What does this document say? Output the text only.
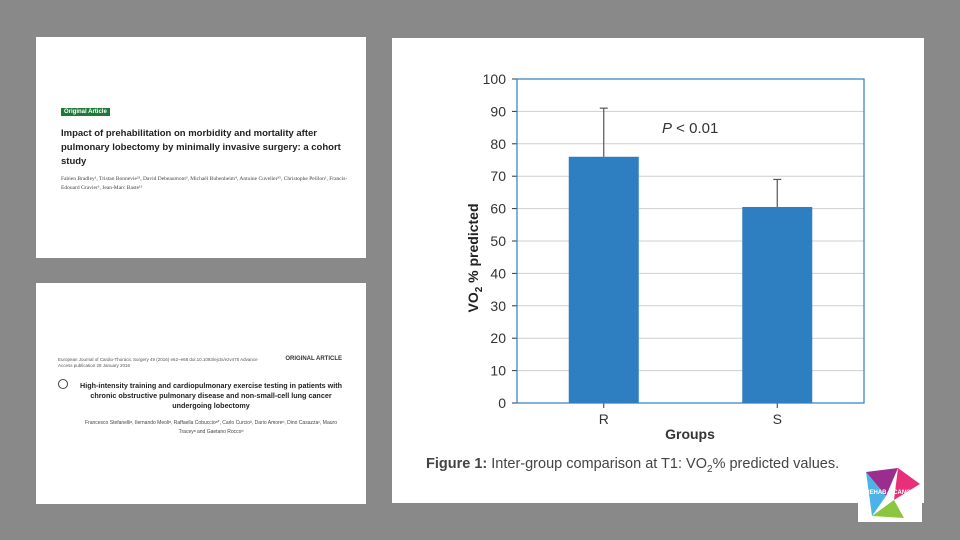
Original Article
Impact of prehabilitation on morbidity and mortality after pulmonary lobectomy by minimally invasive surgery: a cohort study
Fabien Bradley¹, Tristan Bonnevie²³, David Debeaumont², Michaël Bubenheim⁴, Antoine Cuvelier³⁵, Christophe Peillon¹, Francis-Edouard Gravier², Jean-Marc Baste¹³
European Journal of Cardio-Thoracic Surgery 49 (2016) e62–e68 doi:10.1093/ejcts/ezv475 Advance Access publication 28 January 2016
ORIGINAL ARTICLE
High-intensity training and cardiopulmonary exercise testing in patients with chronic obstructive pulmonary disease and non-small-cell lung cancer undergoing lobectomy
Francesco Stefanelliᵃ, Ilernando Meoliᵃ, Raffaella Cobuccioᵃ*, Carlo Curcioᵇ, Dario Amoreᵇ, Dino Casazzaᶜ, Mauro Traceyᵃ and Gaetano Roccoᵈ
0
10
20
30
40
50
60
70
80
90
100
R	S
$VO_2$ % predicted
Groups
P < 0.01
Figure 1: Inter-group comparison at T1: $VO_2\%$ predicted values.
PREHAB 4 CANCER
